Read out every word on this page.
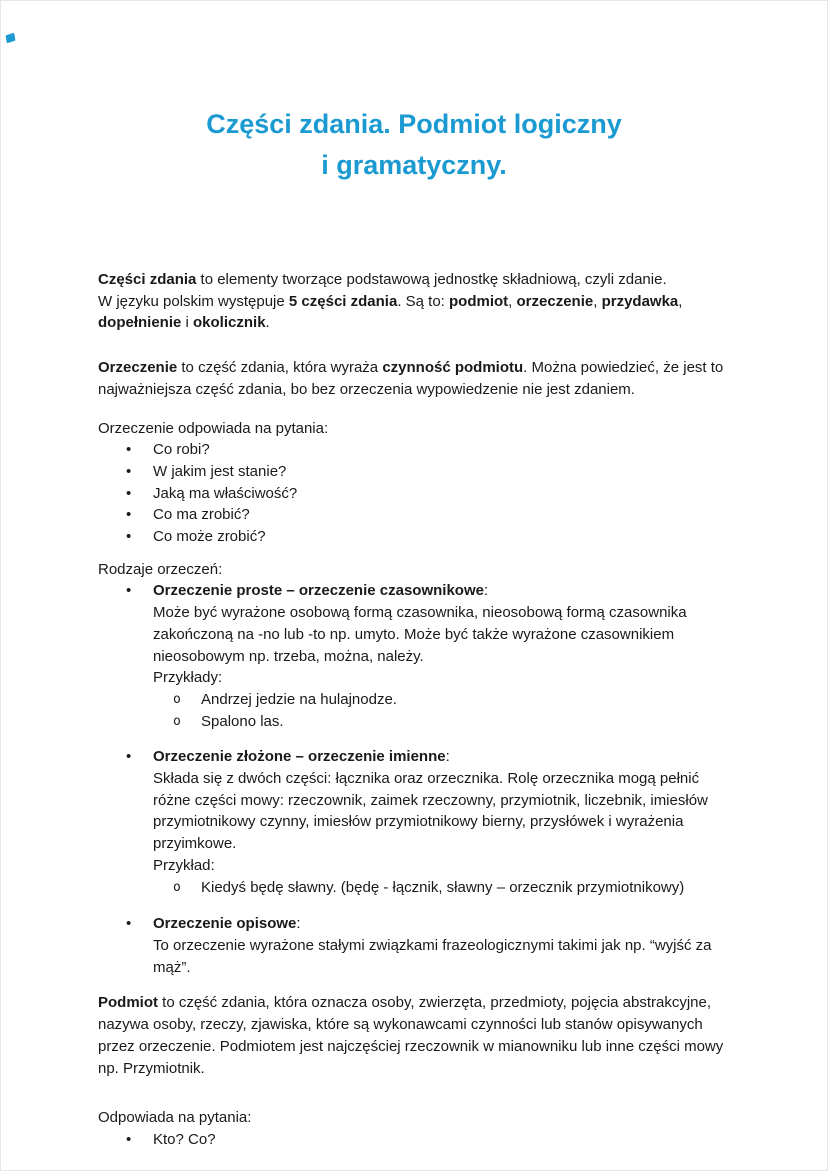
Części zdania. Podmiot logiczny
i gramatyczny.
Części zdania to elementy tworzące podstawową jednostkę składniową, czyli zdanie.
W języku polskim występuje 5 części zdania. Są to: podmiot, orzeczenie, przydawka, dopełnienie i okolicznik.
Orzeczenie to część zdania, która wyraża czynność podmiotu. Można powiedzieć, że jest to najważniejsza część zdania, bo bez orzeczenia wypowiedzenie nie jest zdaniem.
Orzeczenie odpowiada na pytania:
•	Co robi?
•	W jakim jest stanie?
•	Jaką ma właściwość?
•	Co ma zrobić?
•	Co może zrobić?
Rodzaje orzeczeń:
•	Orzeczenie proste – orzeczenie czasownikowe:
Może być wyrażone osobową formą czasownika, nieosobową formą czasownika zakończoną na -no lub -to np. umyto. Może być także wyrażone czasownikiem nieosobowym np. trzeba, można, należy.
Przykłady:
o	Andrzej jedzie na hulajnodze.
o	Spalono las.
•	Orzeczenie złożone – orzeczenie imienne:
Składa się z dwóch części: łącznika oraz orzecznika. Rolę orzecznika mogą pełnić różne części mowy: rzeczownik, zaimek rzeczowny, przymiotnik, liczebnik, imiesłów przymiotnikowy czynny, imiesłów przymiotnikowy bierny, przysłówek i wyrażenia przyimkowe.
Przykład:
o	Kiedyś będę sławny. (będę - łącznik, sławny – orzecznik przymiotnikowy)
•	Orzeczenie opisowe:
To orzeczenie wyrażone stałymi związkami frazeologicznymi takimi jak np. “wyjść za mąż”.
Podmiot to część zdania, która oznacza osoby, zwierzęta, przedmioty, pojęcia abstrakcyjne, nazywa osoby, rzeczy, zjawiska, które są wykonawcami czynności lub stanów opisywanych przez orzeczenie. Podmiotem jest najczęściej rzeczownik w mianowniku lub inne części mowy np. Przymiotnik.
Odpowiada na pytania:
•	Kto? Co?
